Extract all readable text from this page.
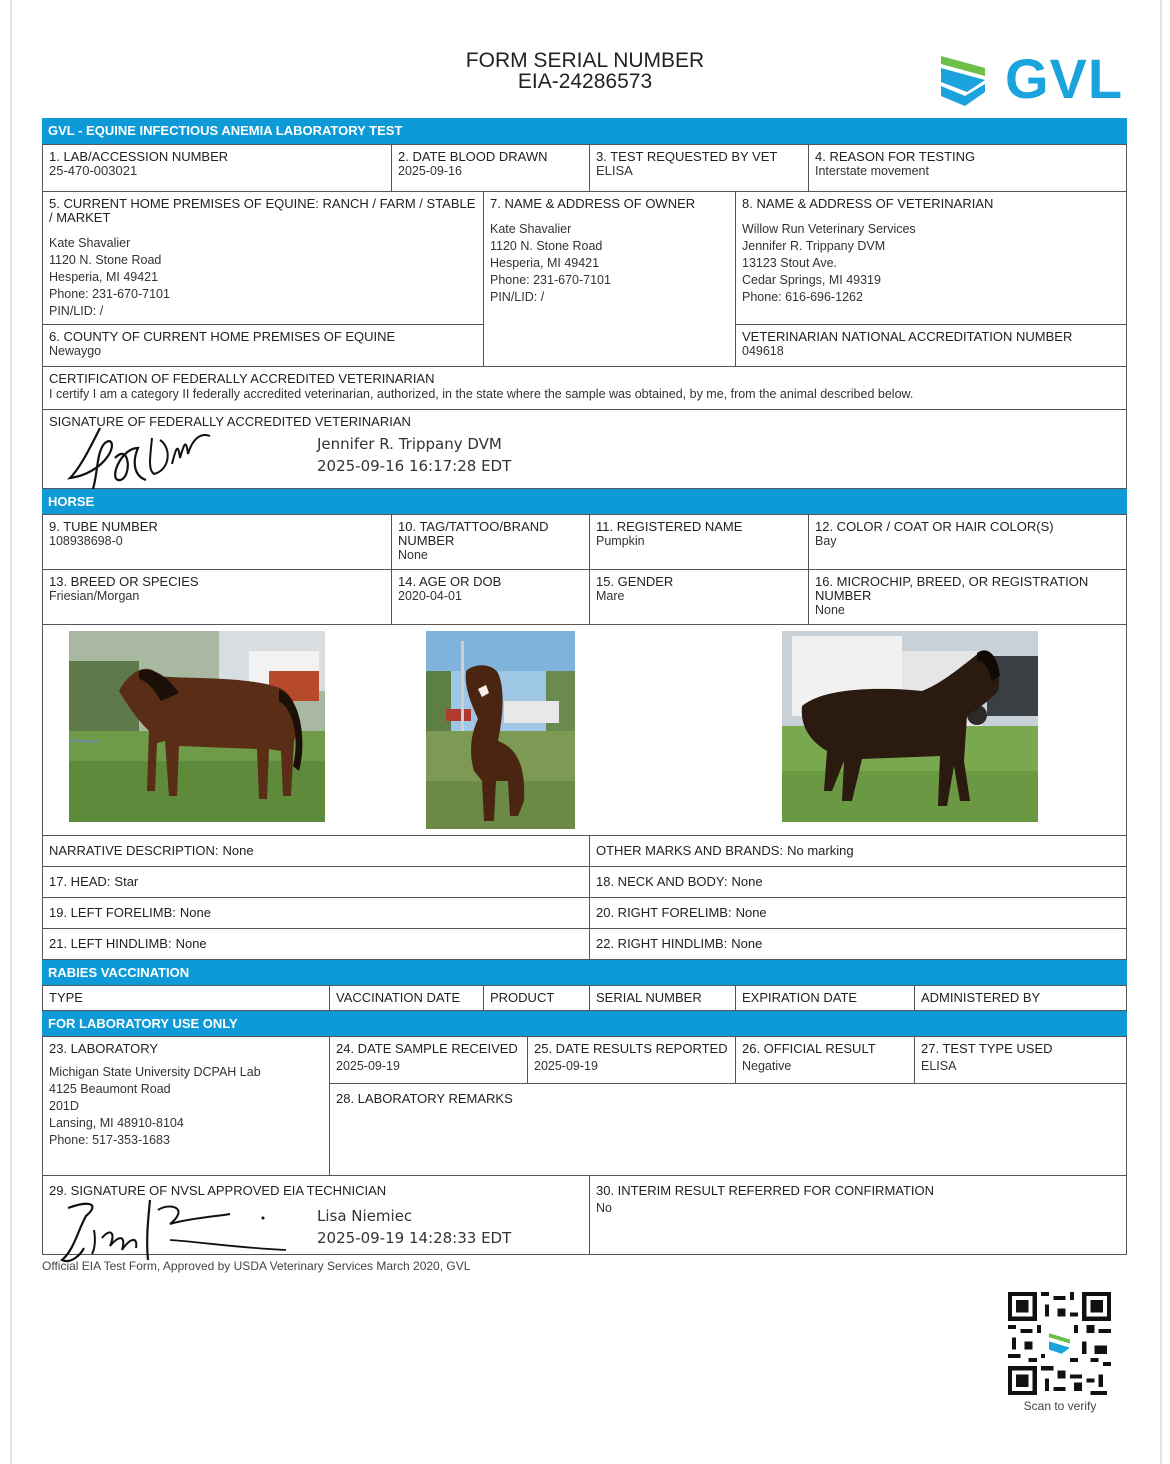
FORM SERIAL NUMBER
EIA-24286573	GVL
GVL - EQUINE INFECTIOUS ANEMIA LABORATORY TEST
1. LAB/ACCESSION NUMBER
25-470-003021
2. DATE BLOOD DRAWN
2025-09-16
3. TEST REQUESTED BY VET
ELISA
4. REASON FOR TESTING
Interstate movement
5. CURRENT HOME PREMISES OF EQUINE: RANCH / FARM / STABLE / MARKET
Kate Shavalier
1120 N. Stone Road
Hesperia, MI 49421
Phone: 231-670-7101
PIN/LID: /
7. NAME & ADDRESS OF OWNER
Kate Shavalier
1120 N. Stone Road
Hesperia, MI 49421
Phone: 231-670-7101
PIN/LID: /
8. NAME & ADDRESS OF VETERINARIAN
Willow Run Veterinary Services
Jennifer R. Trippany DVM
13123 Stout Ave.
Cedar Springs, MI 49319
Phone: 616-696-1262
6. COUNTY OF CURRENT HOME PREMISES OF EQUINE
Newaygo
VETERINARIAN NATIONAL ACCREDITATION NUMBER
049618
CERTIFICATION OF FEDERALLY ACCREDITED VETERINARIAN
I certify I am a category II federally accredited veterinarian, authorized, in the state where the sample was obtained, by me, from the animal described below.
SIGNATURE OF FEDERALLY ACCREDITED VETERINARIAN
Jennifer R. Trippany DVM
2025-09-16 16:17:28 EDT
HORSE
9. TUBE NUMBER
108938698-0
10. TAG/TATTOO/BRAND NUMBER
None
11. REGISTERED NAME
Pumpkin
12. COLOR / COAT OR HAIR COLOR(S)
Bay
13. BREED OR SPECIES
Friesian/Morgan
14. AGE OR DOB
2020-04-01
15. GENDER
Mare
16. MICROCHIP, BREED, OR REGISTRATION NUMBER
None
NARRATIVE DESCRIPTION: None	OTHER MARKS AND BRANDS: No marking
17. HEAD: Star	18. NECK AND BODY: None
19. LEFT FORELIMB: None	20. RIGHT FORELIMB: None
21. LEFT HINDLIMB: None	22. RIGHT HINDLIMB: None
RABIES VACCINATION
TYPE	VACCINATION DATE	PRODUCT	SERIAL NUMBER	EXPIRATION DATE	ADMINISTERED BY
FOR LABORATORY USE ONLY
23. LABORATORY
Michigan State University DCPAH Lab
4125 Beaumont Road
201D
Lansing, MI 48910-8104
Phone: 517-353-1683
24. DATE SAMPLE RECEIVED
2025-09-19
25. DATE RESULTS REPORTED
2025-09-19
26. OFFICIAL RESULT
Negative
27. TEST TYPE USED
ELISA
28. LABORATORY REMARKS
29. SIGNATURE OF NVSL APPROVED EIA TECHNICIAN
Lisa Niemiec
2025-09-19 14:28:33 EDT
30. INTERIM RESULT REFERRED FOR CONFIRMATION
No
Official EIA Test Form, Approved by USDA Veterinary Services March 2020, GVL
Scan to verify
